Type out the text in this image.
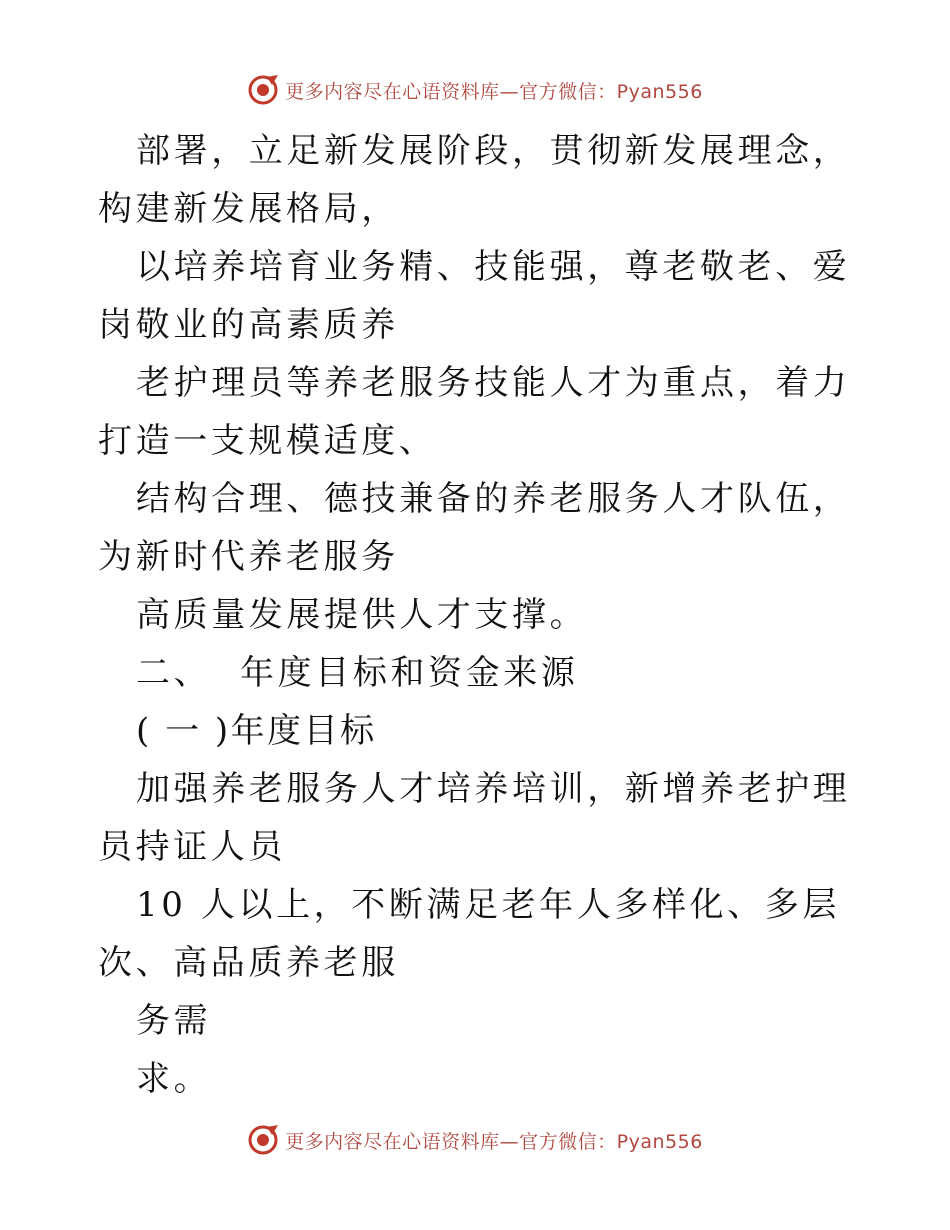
更多内容尽在心语资料库—官方微信：Pyan556

部署，立足新发展阶段，贯彻新发展理念，构建新发展格局，

以培养培育业务精、技能强，尊老敬老、爱岗敬业的高素质养

老护理员等养老服务技能人才为重点，着力打造一支规模适度、

结构合理、德技兼备的养老服务人才队伍，为新时代养老服务

高质量发展提供人才支撑。

二、  年度目标和资金来源

( 一 )年度目标

加强养老服务人才培养培训，新增养老护理员持证人员

10 人以上，不断满足老年人多样化、多层次、高品质养老服

务需

求。

更多内容尽在心语资料库—官方微信：Pyan556
